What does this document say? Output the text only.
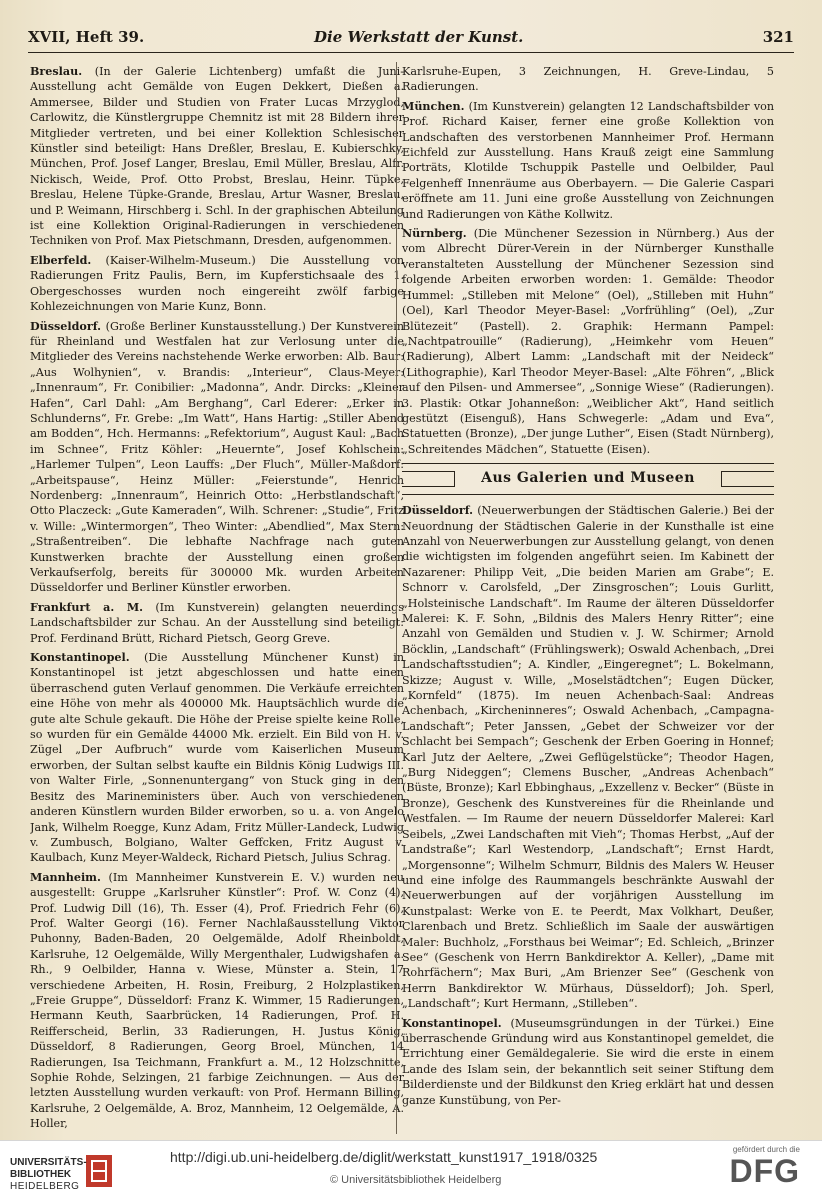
XVII, Heft 39.	Die Werkstatt der Kunst.	321

Breslau. (In der Galerie Lichtenberg) umfaßt die Juni-Ausstellung acht Gemälde von Eugen Dekkert, Dießen a. Ammersee, Bilder und Studien von Frater Lucas Mrzyglod, Carlowitz, die Künstlergruppe Chemnitz ist mit 28 Bildern ihrer Mitglieder vertreten, und bei einer Kollektion Schlesischer Künstler sind beteiligt: Hans Dreßler, Breslau, E. Kubierschky, München, Prof. Josef Langer, Breslau, Emil Müller, Breslau, Alfr. Nickisch, Weide, Prof. Otto Probst, Breslau, Heinr. Tüpke, Breslau, Helene Tüpke-Grande, Breslau, Artur Wasner, Breslau, und P. Weimann, Hirschberg i. Schl. In der graphischen Abteilung ist eine Kollektion Original-Radierungen in verschiedenen Techniken von Prof. Max Pietschmann, Dresden, aufgenommen.

Elberfeld. (Kaiser-Wilhelm-Museum.) Die Ausstellung von Radierungen Fritz Paulis, Bern, im Kupferstichsaale des 1. Obergeschosses wurden noch eingereiht zwölf farbige Kohlezeichnungen von Marie Kunz, Bonn.

Düsseldorf. (Große Berliner Kunstausstellung.) Der Kunstverein für Rheinland und Westfalen hat zur Verlosung unter die Mitglieder des Vereins nachstehende Werke erworben: Alb. Baur: „Aus Wolhynien“, v. Brandis: „Interieur“, Claus-Meyer: „Innenraum“, Fr. Conibilier: „Madonna“, Andr. Dircks: „Kleiner Hafen“, Carl Dahl: „Am Berghang“, Carl Ederer: „Erker in Schlunderns“, Fr. Grebe: „Im Watt“, Hans Hartig: „Stiller Abend am Bodden“, Hch. Hermanns: „Refektorium“, August Kaul: „Bach im Schnee“, Fritz Köhler: „Heuernte“, Josef Kohlschein: „Harlemer Tulpen“, Leon Lauffs: „Der Fluch“, Müller-Maßdorf: „Arbeitspause“, Heinz Müller: „Feierstunde“, Henrich Nordenberg: „Innenraum“, Heinrich Otto: „Herbstlandschaft“, Otto Placzeck: „Gute Kameraden“, Wilh. Schrener: „Studie“, Fritz v. Wille: „Wintermorgen“, Theo Winter: „Abendlied“, Max Stern: „Straßentreiben“. Die lebhafte Nachfrage nach guten Kunstwerken brachte der Ausstellung einen großen Verkaufserfolg, bereits für 300000 Mk. wurden Arbeiten Düsseldorfer und Berliner Künstler erworben.

Frankfurt a. M. (Im Kunstverein) gelangten neuerdings Landschaftsbilder zur Schau. An der Ausstellung sind beteiligt: Prof. Ferdinand Brütt, Richard Pietsch, Georg Greve.

Konstantinopel. (Die Ausstellung Münchener Kunst) in Konstantinopel ist jetzt abgeschlossen und hatte einen überraschend guten Verlauf genommen. Die Verkäufe erreichten eine Höhe von mehr als 400000 Mk. Hauptsächlich wurde die gute alte Schule gekauft. Die Höhe der Preise spielte keine Rolle, so wurden für ein Gemälde 44000 Mk. erzielt. Ein Bild von H. v. Zügel „Der Aufbruch“ wurde vom Kaiserlichen Museum erworben, der Sultan selbst kaufte ein Bildnis König Ludwigs III. von Walter Firle, „Sonnenuntergang“ von Stuck ging in den Besitz des Marineministers über. Auch von verschiedenen anderen Künstlern wurden Bilder erworben, so u. a. von Angelo Jank, Wilhelm Roegge, Kunz Adam, Fritz Müller-Landeck, Ludwig v. Zumbusch, Bolgiano, Walter Geffcken, Fritz August v. Kaulbach, Kunz Meyer-Waldeck, Richard Pietsch, Julius Schrag.

Mannheim. (Im Mannheimer Kunstverein E. V.) wurden neu ausgestellt: Gruppe „Karlsruher Künstler“: Prof. W. Conz (4), Prof. Ludwig Dill (16), Th. Esser (4), Prof. Friedrich Fehr (6), Prof. Walter Georgi (16). Ferner Nachlaßausstellung Viktor Puhonny, Baden-Baden, 20 Oelgemälde, Adolf Rheinboldt, Karlsruhe, 12 Oelgemälde, Willy Mergenthaler, Ludwigshafen a. Rh., 9 Oelbilder, Hanna v. Wiese, Münster a. Stein, 17 verschiedene Arbeiten, H. Rosin, Freiburg, 2 Holzplastiken, „Freie Gruppe“, Düsseldorf: Franz K. Wimmer, 15 Radierungen, Hermann Keuth, Saarbrücken, 14 Radierungen, Prof. H. Reifferscheid, Berlin, 33 Radierungen, H. Justus König, Düsseldorf, 8 Radierungen, Georg Broel, München, 14 Radierungen, Isa Teichmann, Frankfurt a. M., 12 Holzschnitte, Sophie Rohde, Selzingen, 21 farbige Zeichnungen. — Aus der letzten Ausstellung wurden verkauft: von Prof. Hermann Billing, Karlsruhe, 2 Oelgemälde, A. Broz, Mannheim, 12 Oelgemälde, A. Holler,

Karlsruhe-Eupen, 3 Zeichnungen, H. Greve-Lindau, 5 Radierungen.

München. (Im Kunstverein) gelangten 12 Landschaftsbilder von Prof. Richard Kaiser, ferner eine große Kollektion von Landschaften des verstorbenen Mannheimer Prof. Hermann Eichfeld zur Ausstellung. Hans Krauß zeigt eine Sammlung Porträts, Klotilde Tschuppik Pastelle und Oelbilder, Paul Felgenheff Innenräume aus Oberbayern. — Die Galerie Caspari eröffnete am 11. Juni eine große Ausstellung von Zeichnungen und Radierungen von Käthe Kollwitz.

Nürnberg. (Die Münchener Sezession in Nürnberg.) Aus der vom Albrecht Dürer-Verein in der Nürnberger Kunsthalle veranstalteten Ausstellung der Münchener Sezession sind folgende Arbeiten erworben worden: 1. Gemälde: Theodor Hummel: „Stilleben mit Melone“ (Oel), „Stilleben mit Huhn“ (Oel), Karl Theodor Meyer-Basel: „Vorfrühling“ (Oel), „Zur Blütezeit“ (Pastell). 2. Graphik: Hermann Pampel: „Nachtpatrouille“ (Radierung), „Heimkehr vom Heuen“ (Radierung), Albert Lamm: „Landschaft mit der Neideck“ (Lithographie), Karl Theodor Meyer-Basel: „Alte Föhren“, „Blick auf den Pilsen- und Ammersee“, „Sonnige Wiese“ (Radierungen). 3. Plastik: Otkar Johanneßon: „Weiblicher Akt“, Hand seitlich gestützt (Eisenguß), Hans Schwegerle: „Adam und Eva“, Statuetten (Bronze), „Der junge Luther“, Eisen (Stadt Nürnberg), „Schreitendes Mädchen“, Statuette (Eisen).

Aus Galerien und Museen

Düsseldorf. (Neuerwerbungen der Städtischen Galerie.) Bei der Neuordnung der Städtischen Galerie in der Kunsthalle ist eine Anzahl von Neuerwerbungen zur Ausstellung gelangt, von denen die wichtigsten im folgenden angeführt seien. Im Kabinett der Nazarener: Philipp Veit, „Die beiden Marien am Grabe“; E. Schnorr v. Carolsfeld, „Der Zinsgroschen“; Louis Gurlitt, „Holsteinische Landschaft“. Im Raume der älteren Düsseldorfer Malerei: K. F. Sohn, „Bildnis des Malers Henry Ritter“; eine Anzahl von Gemälden und Studien v. J. W. Schirmer; Arnold Böcklin, „Landschaft“ (Frühlingswerk); Oswald Achenbach, „Drei Landschaftsstudien“; A. Kindler, „Eingeregnet“; L. Bokelmann, Skizze; August v. Wille, „Moselstädtchen“; Eugen Dücker, „Kornfeld“ (1875). Im neuen Achenbach-Saal: Andreas Achenbach, „Kircheninneres“; Oswald Achenbach, „Campagna-Landschaft“; Peter Janssen, „Gebet der Schweizer vor der Schlacht bei Sempach“; Geschenk der Erben Goering in Honnef; Karl Jutz der Aeltere, „Zwei Geflügelstücke“; Theodor Hagen, „Burg Nideggen“; Clemens Buscher, „Andreas Achenbach“ (Büste, Bronze); Karl Ebbinghaus, „Exzellenz v. Becker“ (Büste in Bronze), Geschenk des Kunstvereines für die Rheinlande und Westfalen. — Im Raume der neuern Düsseldorfer Malerei: Karl Seibels, „Zwei Landschaften mit Vieh“; Thomas Herbst, „Auf der Landstraße“; Karl Westendorp, „Landschaft“; Ernst Hardt, „Morgensonne“; Wilhelm Schmurr, Bildnis des Malers W. Heuser und eine infolge des Raummangels beschränkte Auswahl der Neuerwerbungen auf der vorjährigen Ausstellung im Kunstpalast: Werke von E. te Peerdt, Max Volkhart, Deußer, Clarenbach und Bretz. Schließlich im Saale der auswärtigen Maler: Buchholz, „Forsthaus bei Weimar“; Ed. Schleich, „Brinzer See“ (Geschenk von Herrn Bankdirektor A. Keller), „Dame mit Rohrfächern“; Max Buri, „Am Brienzer See“ (Geschenk von Herrn Bankdirektor W. Mürhaus, Düsseldorf); Joh. Sperl, „Landschaft“; Kurt Hermann, „Stilleben“.

Konstantinopel. (Museumsgründungen in der Türkei.) Eine überraschende Gründung wird aus Konstantinopel gemeldet, die Errichtung einer Gemäldegalerie. Sie wird die erste in einem Lande des Islam sein, der bekanntlich seit seiner Stiftung dem Bilderdienste und der Bildkunst den Krieg erklärt hat und dessen ganze Kunstübung, von Per-

UNIVERSITÄTS-
BIBLIOTHEK
HEIDELBERG
http://digi.ub.uni-heidelberg.de/diglit/werkstatt_kunst1917_1918/0325
© Universitätsbibliothek Heidelberg
gefördert durch die
DFG
